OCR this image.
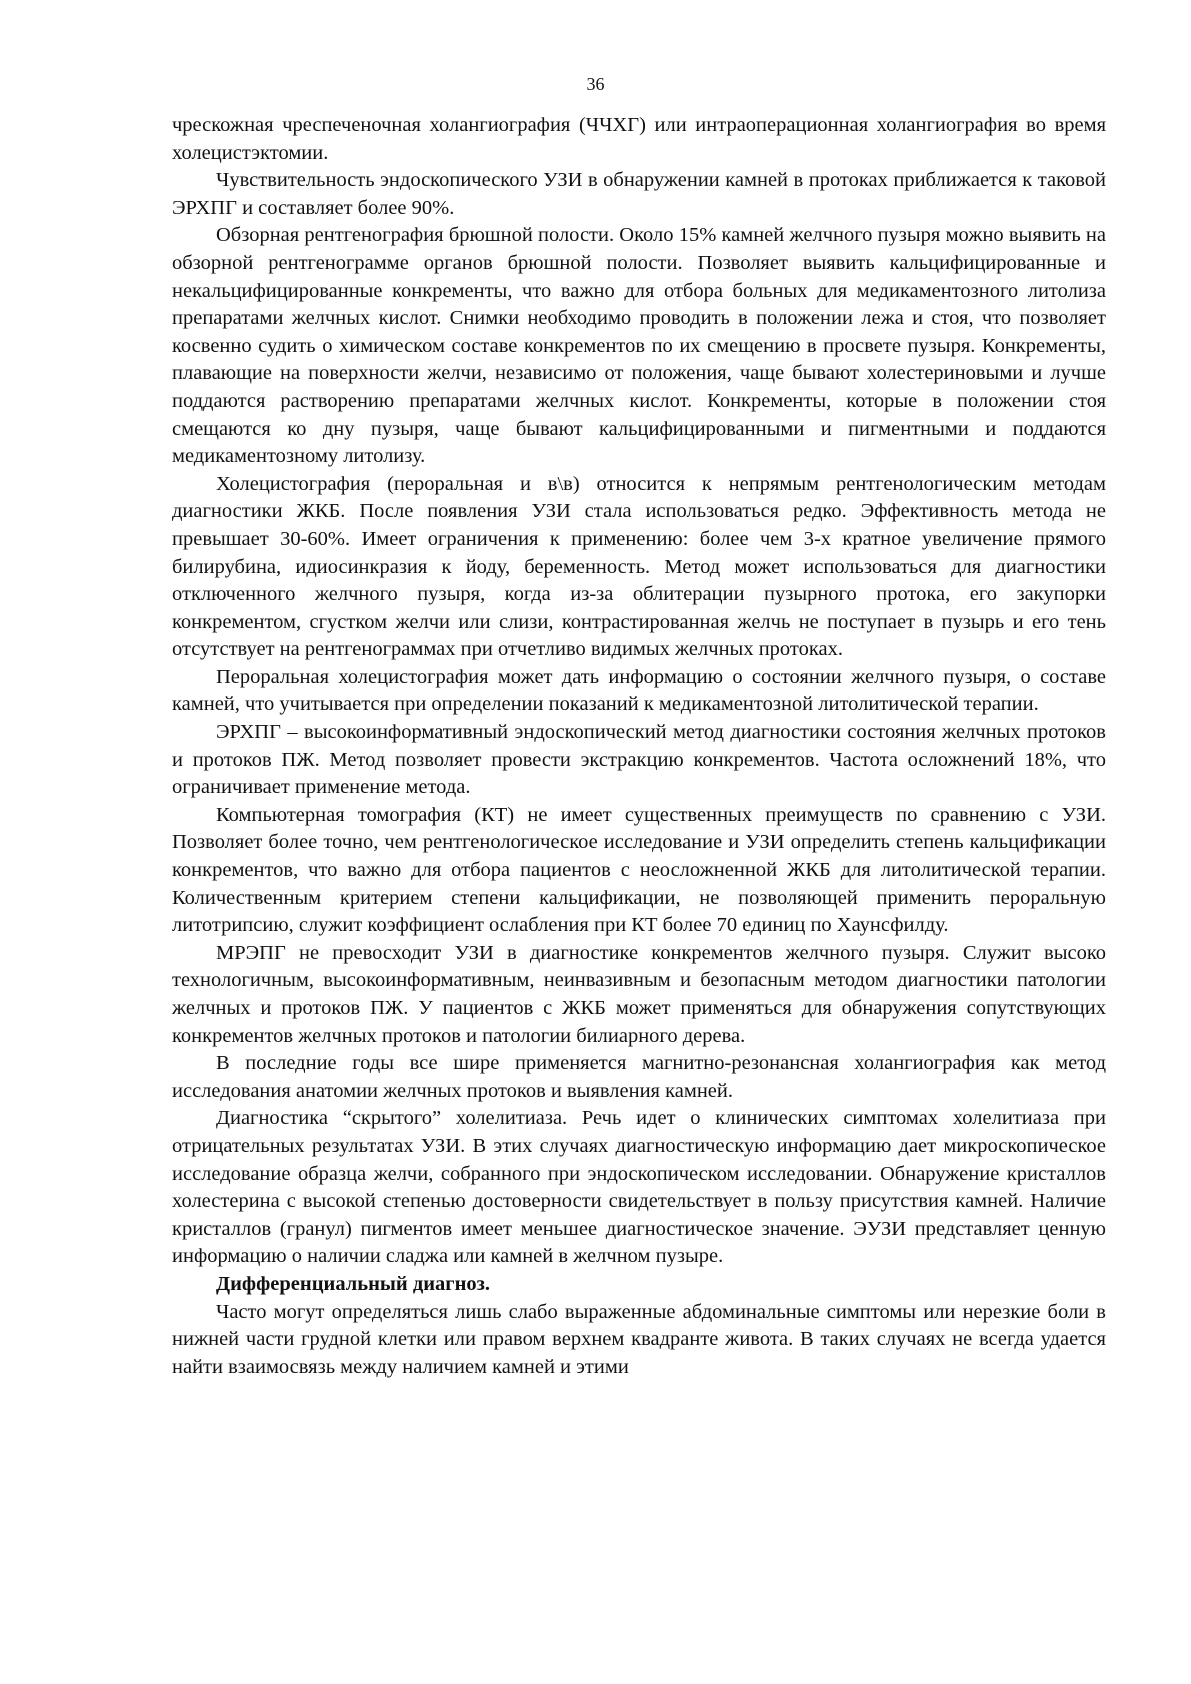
36

чрескожная чреспеченочная холангиография (ЧЧХГ) или интраоперационная холангиография во время холецистэктомии.

Чувствительность эндоскопического УЗИ в обнаружении камней в протоках приближается к таковой ЭРХПГ и составляет более 90%.

Обзорная рентгенография брюшной полости. Около 15% камней желчного пузыря можно выявить на обзорной рентгенограмме органов брюшной полости. Позволяет выявить кальцифицированные и некальцифицированные конкременты, что важно для отбора больных для медикаментозного литолиза препаратами желчных кислот. Снимки необходимо проводить в положении лежа и стоя, что позволяет косвенно судить о химическом составе конкрементов по их смещению в просвете пузыря. Конкременты, плавающие на поверхности желчи, независимо от положения, чаще бывают холестериновыми и лучше поддаются растворению препаратами желчных кислот. Конкременты, которые в положении стоя смещаются ко дну пузыря, чаще бывают кальцифицированными и пигментными и поддаются медикаментозному литолизу.

Холецистография (пероральная и в\в) относится к непрямым рентгенологическим методам диагностики ЖКБ. После появления УЗИ стала использоваться редко. Эффективность метода не превышает 30-60%. Имеет ограничения к применению: более чем 3-х кратное увеличение прямого билирубина, идиосинкразия к йоду, беременность. Метод может использоваться для диагностики отключенного желчного пузыря, когда из-за облитерации пузырного протока, его закупорки конкрементом, сгустком желчи или слизи, контрастированная желчь не поступает в пузырь и его тень отсутствует на рентгенограммах при отчетливо видимых желчных протоках.

Пероральная холецистография может дать информацию о состоянии желчного пузыря, о составе камней, что учитывается при определении показаний к медикаментозной литолитической терапии.

ЭРХПГ – высокоинформативный эндоскопический метод диагностики состояния желчных протоков и протоков ПЖ. Метод позволяет провести экстракцию конкрементов. Частота осложнений 18%, что ограничивает применение метода.

Компьютерная томография (КТ) не имеет существенных преимуществ по сравнению с УЗИ. Позволяет более точно, чем рентгенологическое исследование и УЗИ определить степень кальцификации конкрементов, что важно для отбора пациентов с неосложненной ЖКБ для литолитической терапии. Количественным критерием степени кальцификации, не позволяющей применить пероральную литотрипсию, служит коэффициент ослабления при КТ более 70 единиц по Хаунсфилду.

МРЭПГ не превосходит УЗИ в диагностике конкрементов желчного пузыря. Служит высоко технологичным, высокоинформативным, неинвазивным и безопасным методом диагностики патологии желчных и протоков ПЖ. У пациентов с ЖКБ может применяться для обнаружения сопутствующих конкрементов желчных протоков и патологии билиарного дерева.

В последние годы все шире применяется магнитно-резонансная холангиография как метод исследования анатомии желчных протоков и выявления камней.

Диагностика “скрытого” холелитиаза. Речь идет о клинических симптомах холелитиаза при отрицательных результатах УЗИ. В этих случаях диагностическую информацию дает микроскопическое исследование образца желчи, собранного при эндоскопическом исследовании. Обнаружение кристаллов холестерина с высокой степенью достоверности свидетельствует в пользу присутствия камней. Наличие кристаллов (гранул) пигментов имеет меньшее диагностическое значение. ЭУЗИ представляет ценную информацию о наличии сладжа или камней в желчном пузыре.

Дифференциальный диагноз.

Часто могут определяться лишь слабо выраженные абдоминальные симптомы или нерезкие боли в нижней части грудной клетки или правом верхнем квадранте живота. В таких случаях не всегда удается найти взаимосвязь между наличием камней и этими
